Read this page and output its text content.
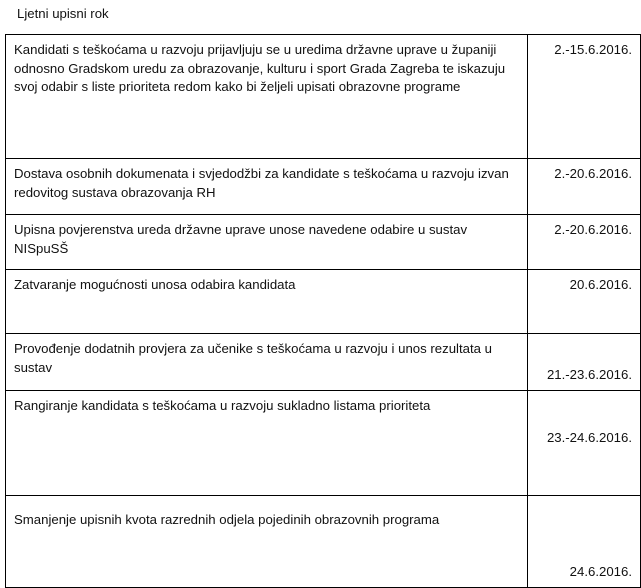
Ljetni upisni rok
Kandidati s teškoćama u razvoju prijavljuju se u uredima državne uprave u županiji odnosno Gradskom uredu za obrazovanje, kulturu i sport Grada Zagreba te iskazuju svoj odabir s liste prioriteta redom kako bi željeli upisati obrazovne programe	2.-15.6.2016.
Dostava osobnih dokumenata i svjedodžbi za kandidate s teškoćama u razvoju izvan redovitog sustava obrazovanja RH	2.-20.6.2016.
Upisna povjerenstva ureda državne uprave unose navedene odabire u sustav NISpuSŠ	2.-20.6.2016.
Zatvaranje mogućnosti unosa odabira kandidata	20.6.2016.
Provođenje dodatnih provjera za učenike s teškoćama u razvoju i unos rezultata u sustav	21.-23.6.2016.
Rangiranje kandidata s teškoćama u razvoju sukladno listama prioriteta	23.-24.6.2016.
Smanjenje upisnih kvota razrednih odjela pojedinih obrazovnih programa	24.6.2016.
